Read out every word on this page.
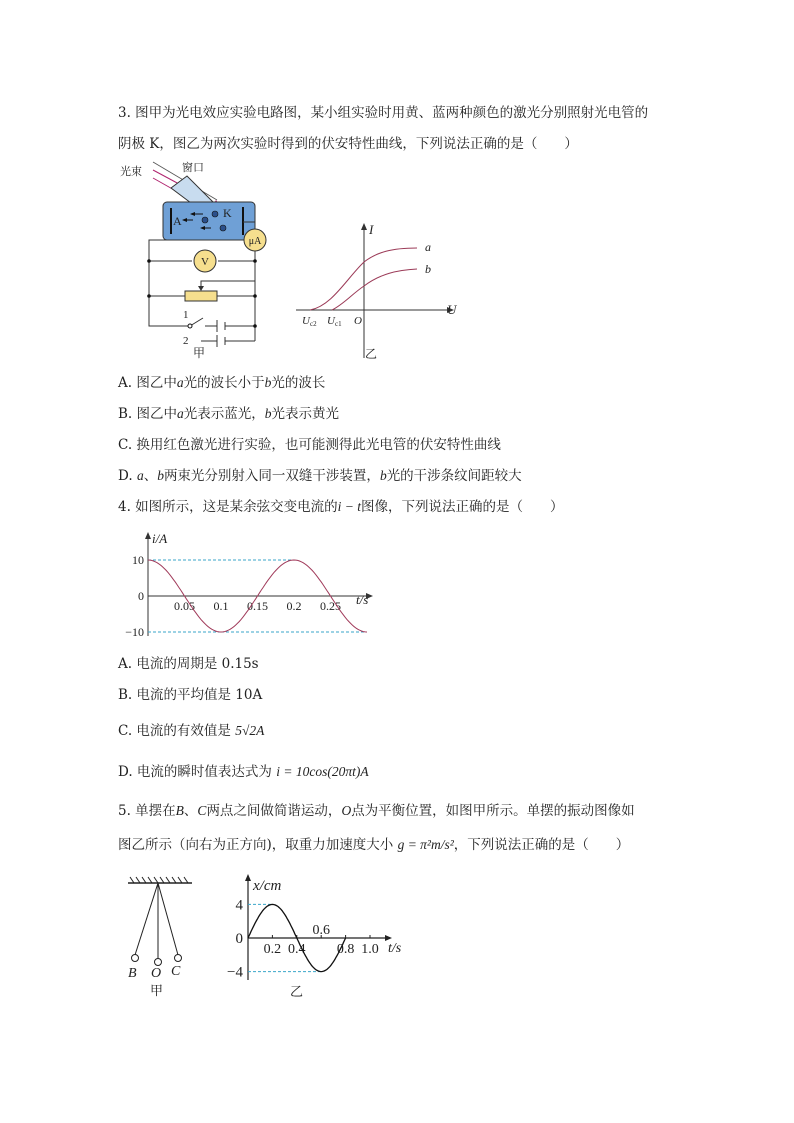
3. 图甲为光电效应实验电路图，某小组实验时用黄、蓝两种颜色的激光分别照射光电管的
阴极 K，图乙为两次实验时得到的伏安特性曲线，下列说法正确的是（　　）
光束	窗口
A
K
μA
V
1
2
甲
I
U
a
b
U c2 U c1 O
乙
A. 图乙中a光的波长小于b光的波长
B. 图乙中a光表示蓝光，b光表示黄光
C. 换用红色激光进行实验，也可能测得此光电管的伏安特性曲线
D. a、b两束光分别射入同一双缝干涉装置，b光的干涉条纹间距较大
4. 如图所示，这是某余弦交变电流的i − t图像，下列说法正确的是（　　）
i/A
t/s
10
0
−10
0.05 0.1 0.15 0.2 0.25
A. 电流的周期是 0.15s
B. 电流的平均值是 10A
C. 电流的有效值是 5√2A
D. 电流的瞬时值表达式为 i = 10cos(20πt)A
5. 单摆在B、C两点之间做简谐运动，O点为平衡位置，如图甲所示。单摆的振动图像如
图乙所示（向右为正方向)，取重力加速度大小 g = π²m/s²，下列说法正确的是（　　）
B O C
甲
x/cm
t/s
4
0
−4
0.2 0.4
0.6
0.8 1.0
乙
